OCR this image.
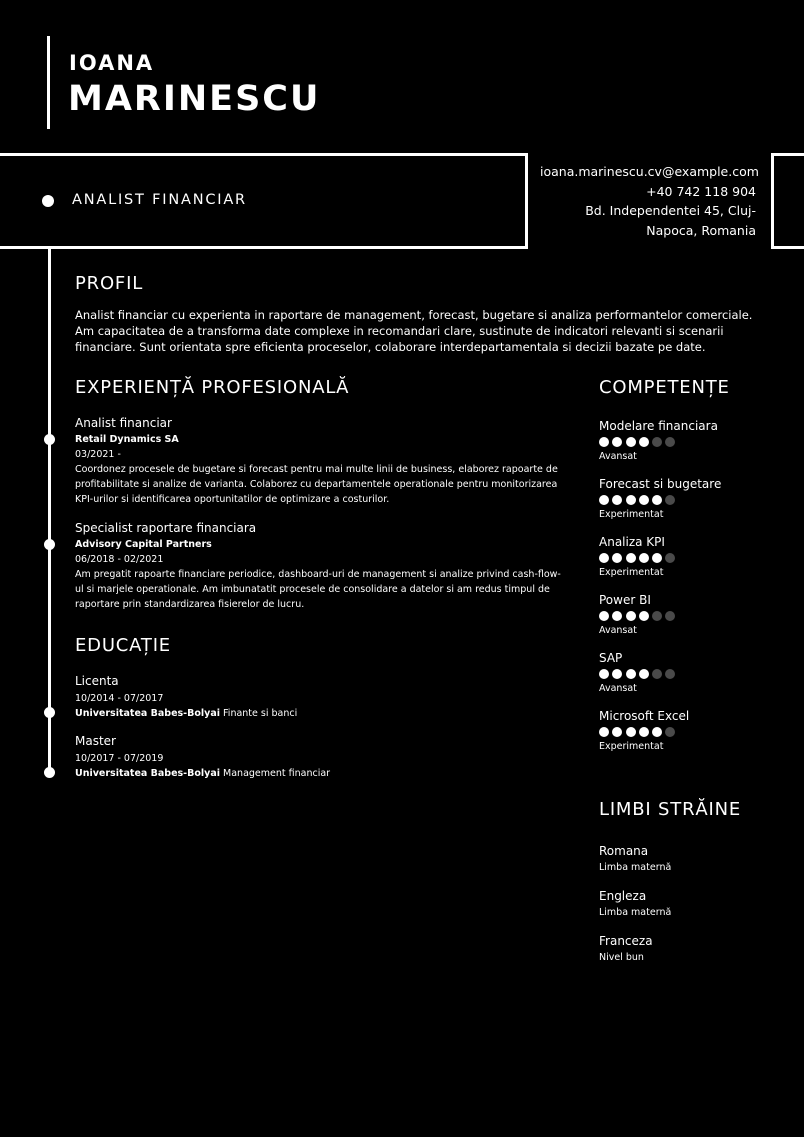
IOANA
MARINESCU
ANALIST FINANCIAR
ioana.marinescu.cv@example.com
+40 742 118 904
Bd. Independentei 45, Cluj-
Napoca, Romania
PROFIL
Analist financiar cu experienta in raportare de management, forecast, bugetare si analiza performantelor comerciale. Am capacitatea de a transforma date complexe in recomandari clare, sustinute de indicatori relevanti si scenarii financiare. Sunt orientata spre eficienta proceselor, colaborare interdepartamentala si decizii bazate pe date.
EXPERIENȚĂ PROFESIONALĂ
Analist financiar
Retail Dynamics SA
03/2021 -
Coordonez procesele de bugetare si forecast pentru mai multe linii de business, elaborez rapoarte de profitabilitate si analize de varianta. Colaborez cu departamentele operationale pentru monitorizarea KPI-urilor si identificarea oportunitatilor de optimizare a costurilor.
Specialist raportare financiara
Advisory Capital Partners
06/2018 - 02/2021
Am pregatit rapoarte financiare periodice, dashboard-uri de management si analize privind cash-flow-ul si marjele operationale. Am imbunatatit procesele de consolidare a datelor si am redus timpul de raportare prin standardizarea fisierelor de lucru.
EDUCAȚIE
Licenta
10/2014 - 07/2017
Universitatea Babes-Bolyai Finante si banci
Master
10/2017 - 07/2019
Universitatea Babes-Bolyai Management financiar
COMPETENȚE
Modelare financiara
Avansat
Forecast si bugetare
Experimentat
Analiza KPI
Experimentat
Power BI
Avansat
SAP
Avansat
Microsoft Excel
Experimentat
LIMBI STRĂINE
Romana
Limba maternă
Engleza
Limba maternă
Franceza
Nivel bun
